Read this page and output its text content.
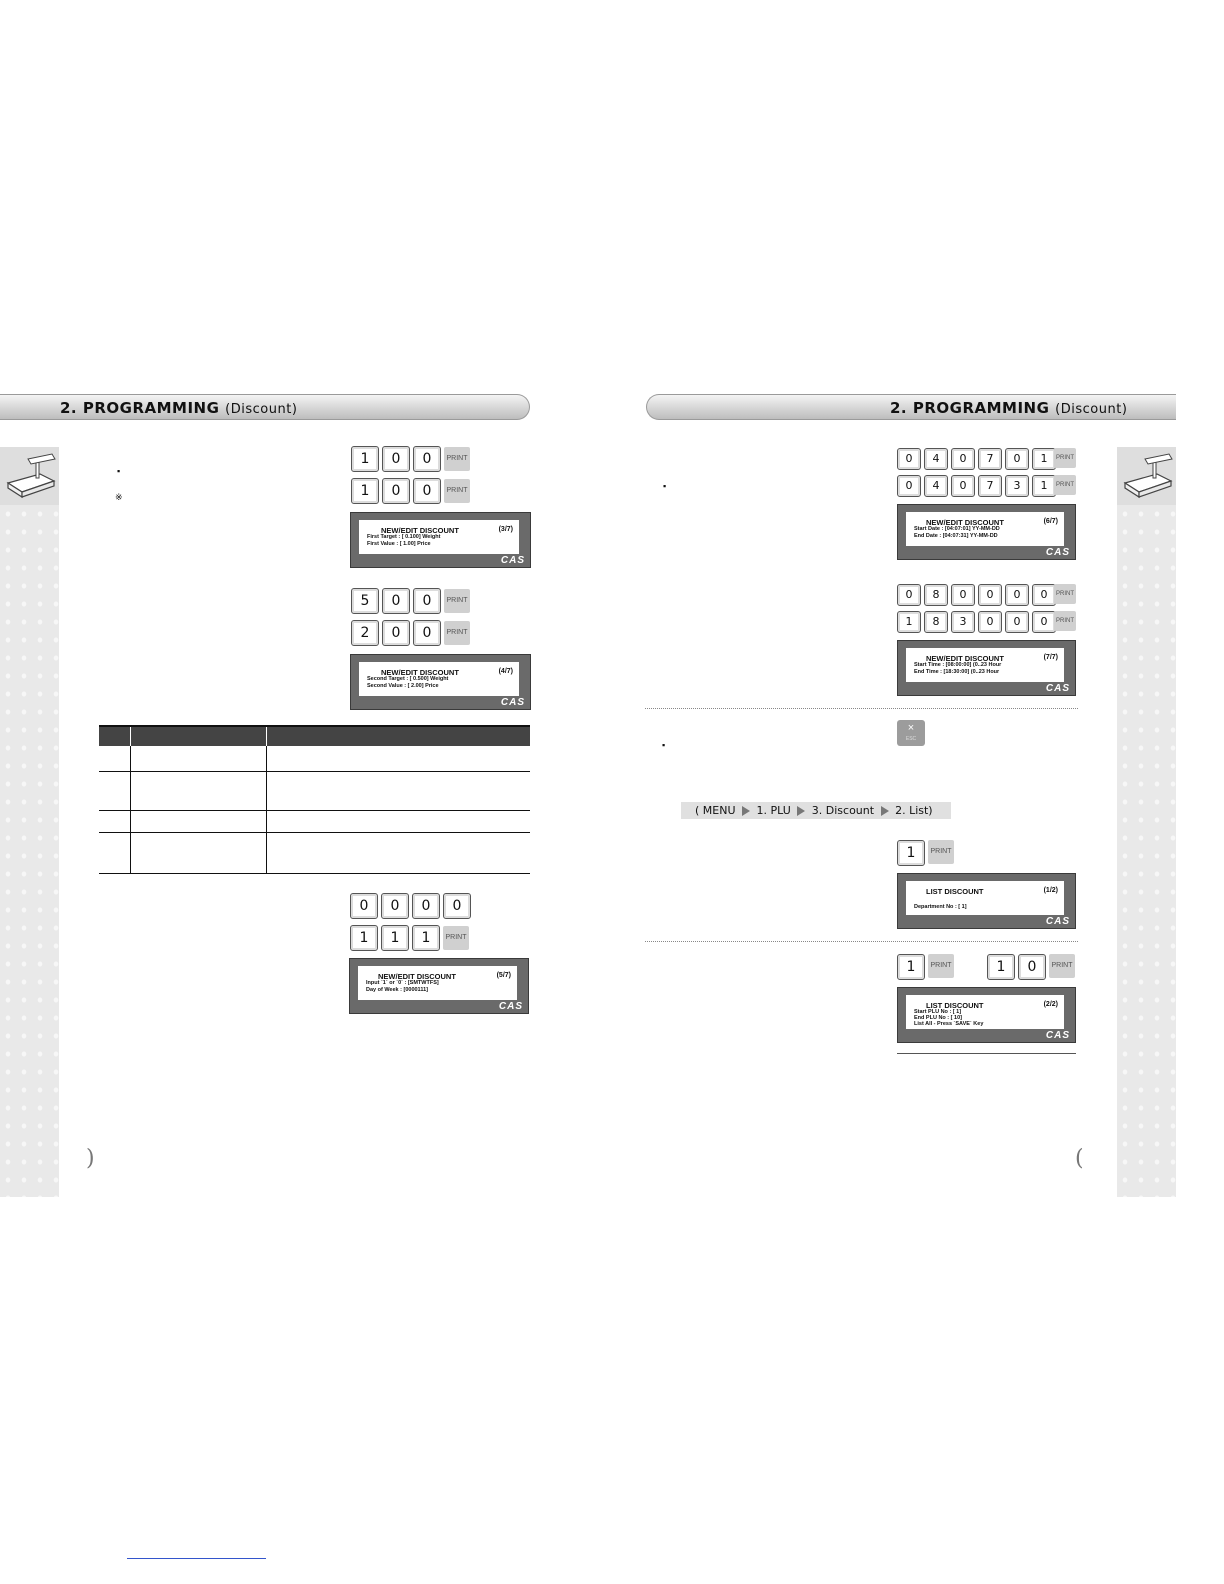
2. PROGRAMMING (Discount)
▪
※
1	0	0	PRINT
1	0	0	PRINT
NEW/EDIT DISCOUNT	(3/7)
First Target : [ 0.100] Weight
First Value : [ 1.00] Price
CAS
5	0	0	PRINT
2	0	0	PRINT
NEW/EDIT DISCOUNT	(4/7)
Second Target : [ 0.500] Weight
Second Value : [ 2.00] Price
CAS
0	0	0	0
1	1	1	PRINT
NEW/EDIT DISCOUNT	(5/7)
Input `1` or `0` : [SMTWTFS]
Day of Week : [0000111]
CAS
)
2. PROGRAMMING (Discount)
▪
0	4	0	7	0	1	PRINT
0	4	0	7	3	1	PRINT
NEW/EDIT DISCOUNT	(6/7)
Start Date : [04:07:01] YY-MM-DD
End Date : [04:07:31] YY-MM-DD
CAS
0	8	0	0	0	0	PRINT
1	8	3	0	0	0	PRINT
NEW/EDIT DISCOUNT	(7/7)
Start Time : [08:00:00] (0..23 Hour
End Time : [18:30:00] (0..23 Hour
CAS
▪
×
ESC
( MENU 1. PLU 3. Discount 2. List)
1	PRINT
LIST DISCOUNT	(1/2)
Department No : [ 1]
CAS
1	PRINT	1	0	PRINT
LIST DISCOUNT	(2/2)
Start PLU No : [ 1]
End PLU No : [ 10]
List All - Press `SAVE` Key
CAS
(
